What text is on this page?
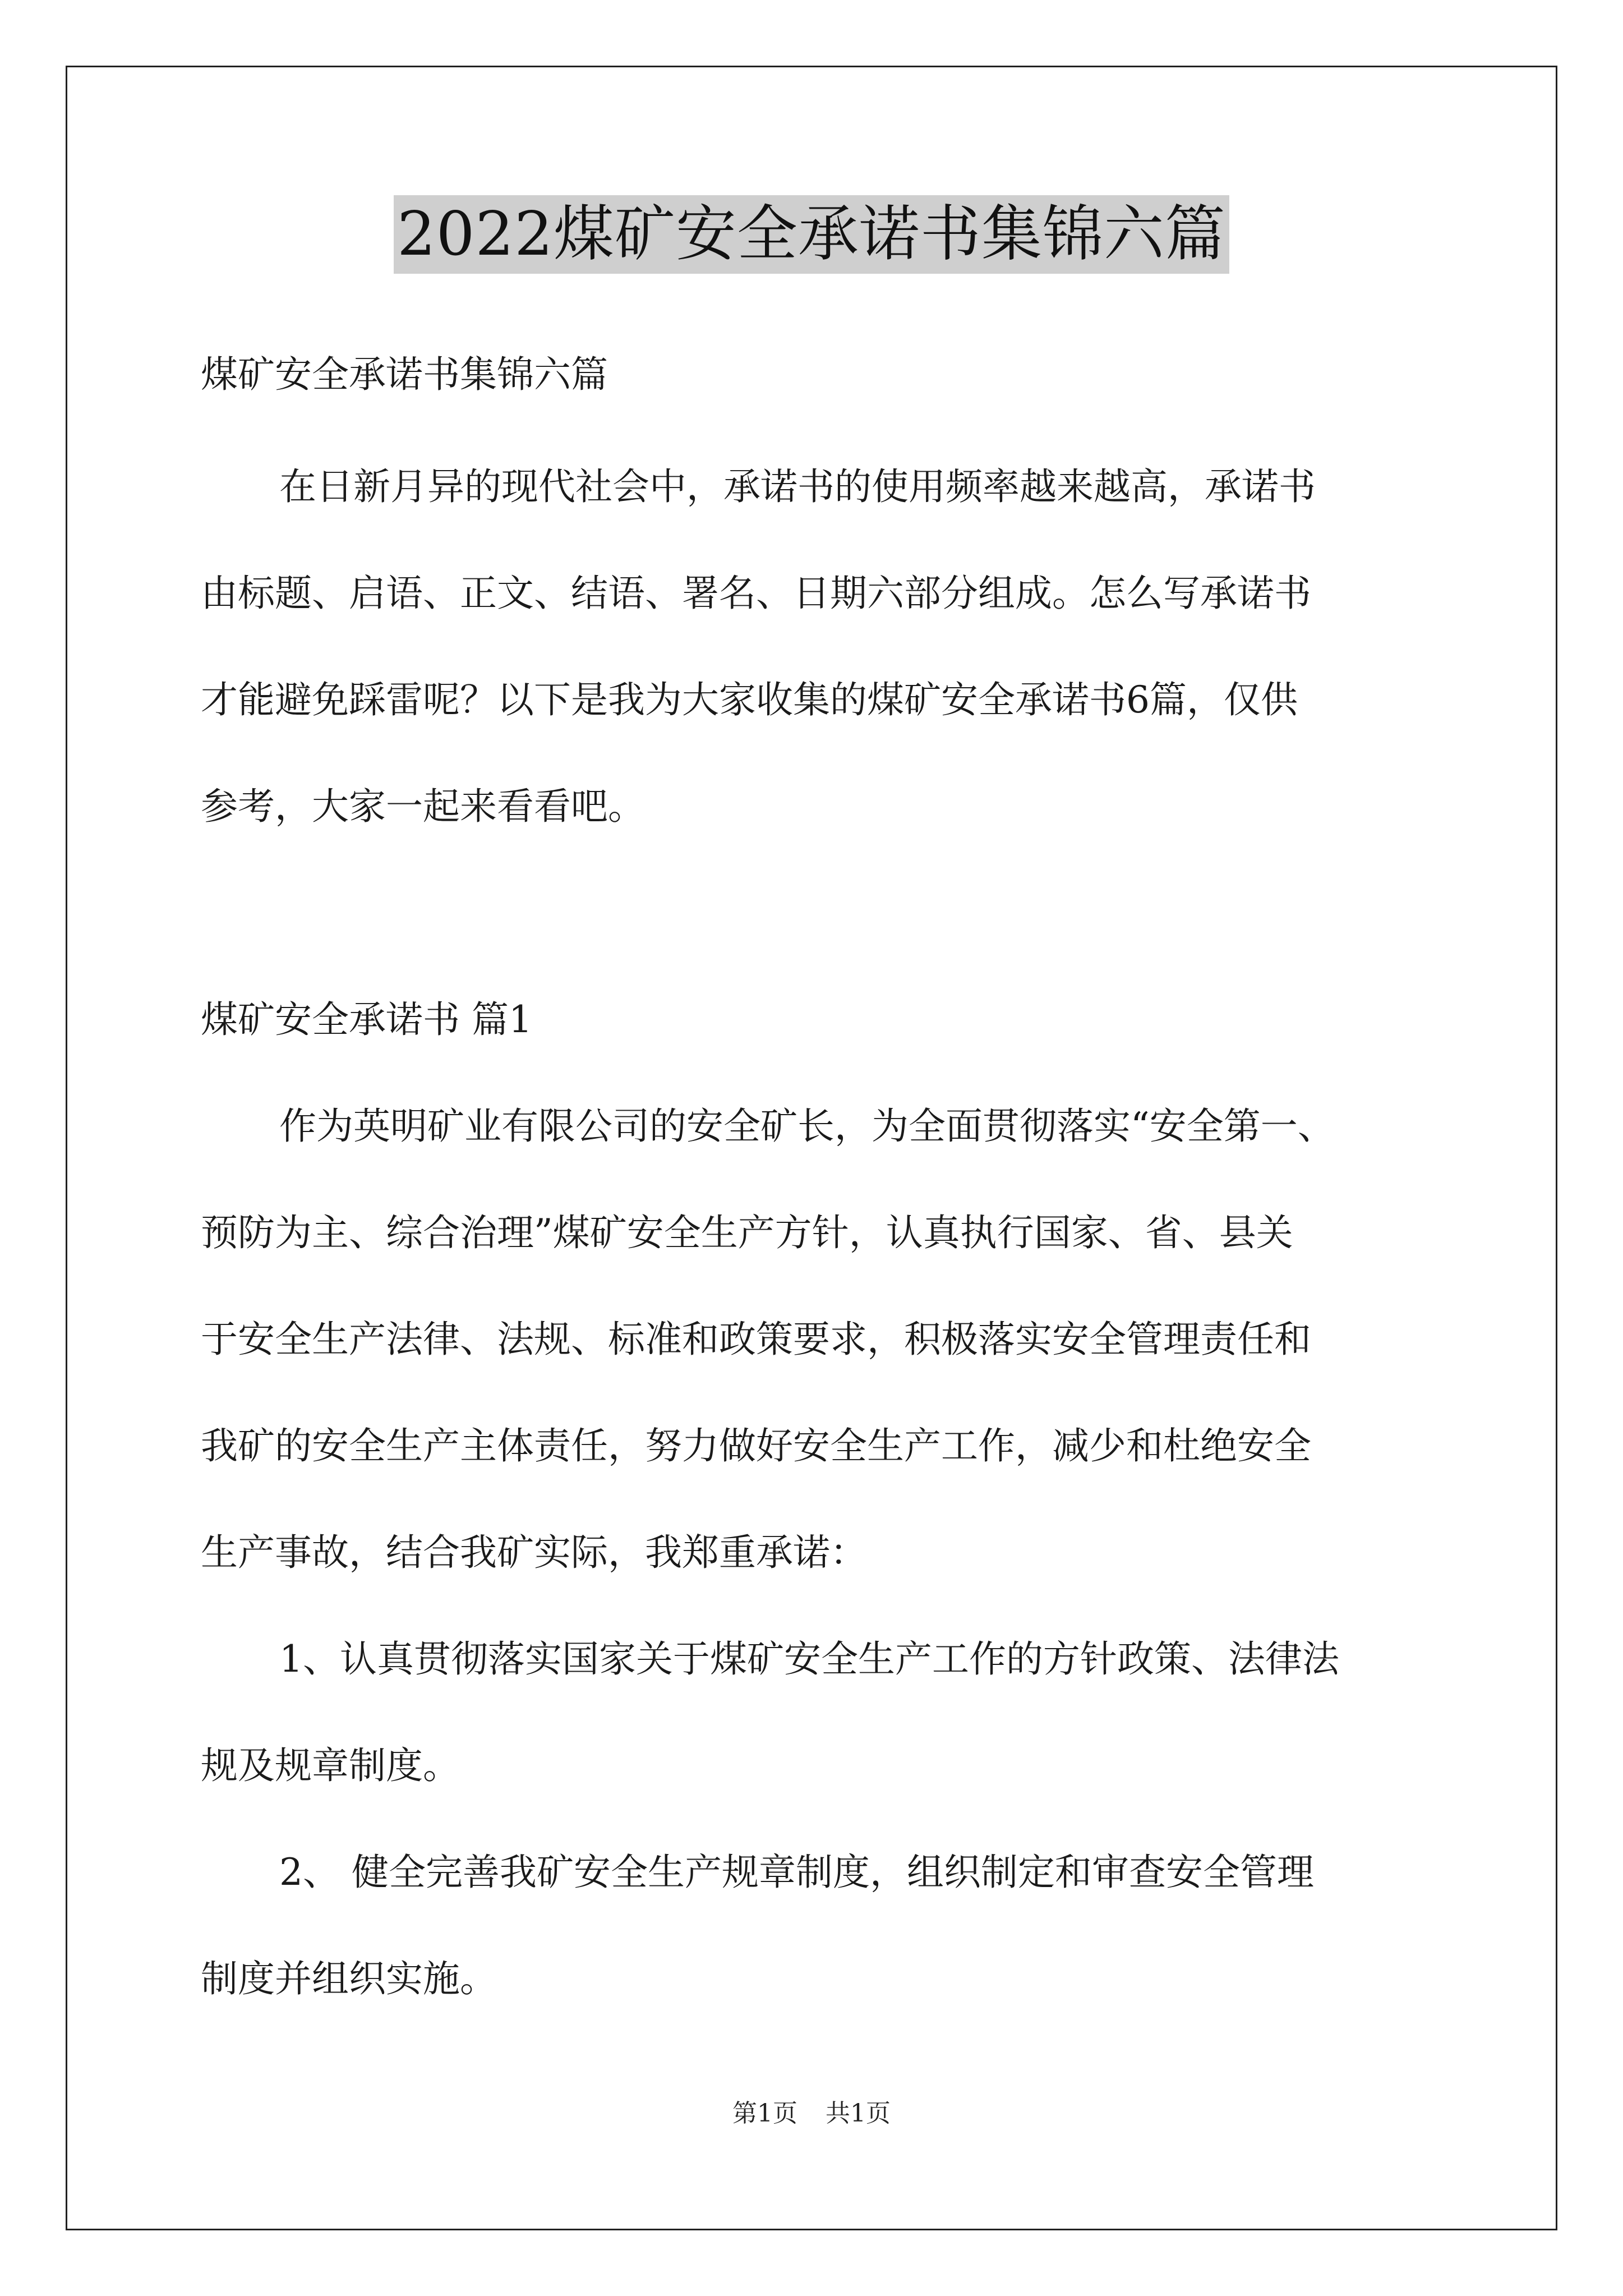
2022煤矿安全承诺书集锦六篇
煤矿安全承诺书集锦六篇
在日新月异的现代社会中，承诺书的使用频率越来越高，承诺书
由标题、启语、正文、结语、署名、日期六部分组成。怎么写承诺书
才能避免踩雷呢？以下是我为大家收集的煤矿安全承诺书6篇，仅供
参考，大家一起来看看吧。
煤矿安全承诺书 篇1
作为英明矿业有限公司的安全矿长，为全面贯彻落实“安全第一、
预防为主、综合治理”煤矿安全生产方针，认真执行国家、省、县关
于安全生产法律、法规、标准和政策要求，积极落实安全管理责任和
我矿的安全生产主体责任，努力做好安全生产工作，减少和杜绝安全
生产事故，结合我矿实际，我郑重承诺：
1、认真贯彻落实国家关于煤矿安全生产工作的方针政策、法律法
规及规章制度。
2、 健全完善我矿安全生产规章制度，组织制定和审查安全管理
制度并组织实施。
第1页 共1页
